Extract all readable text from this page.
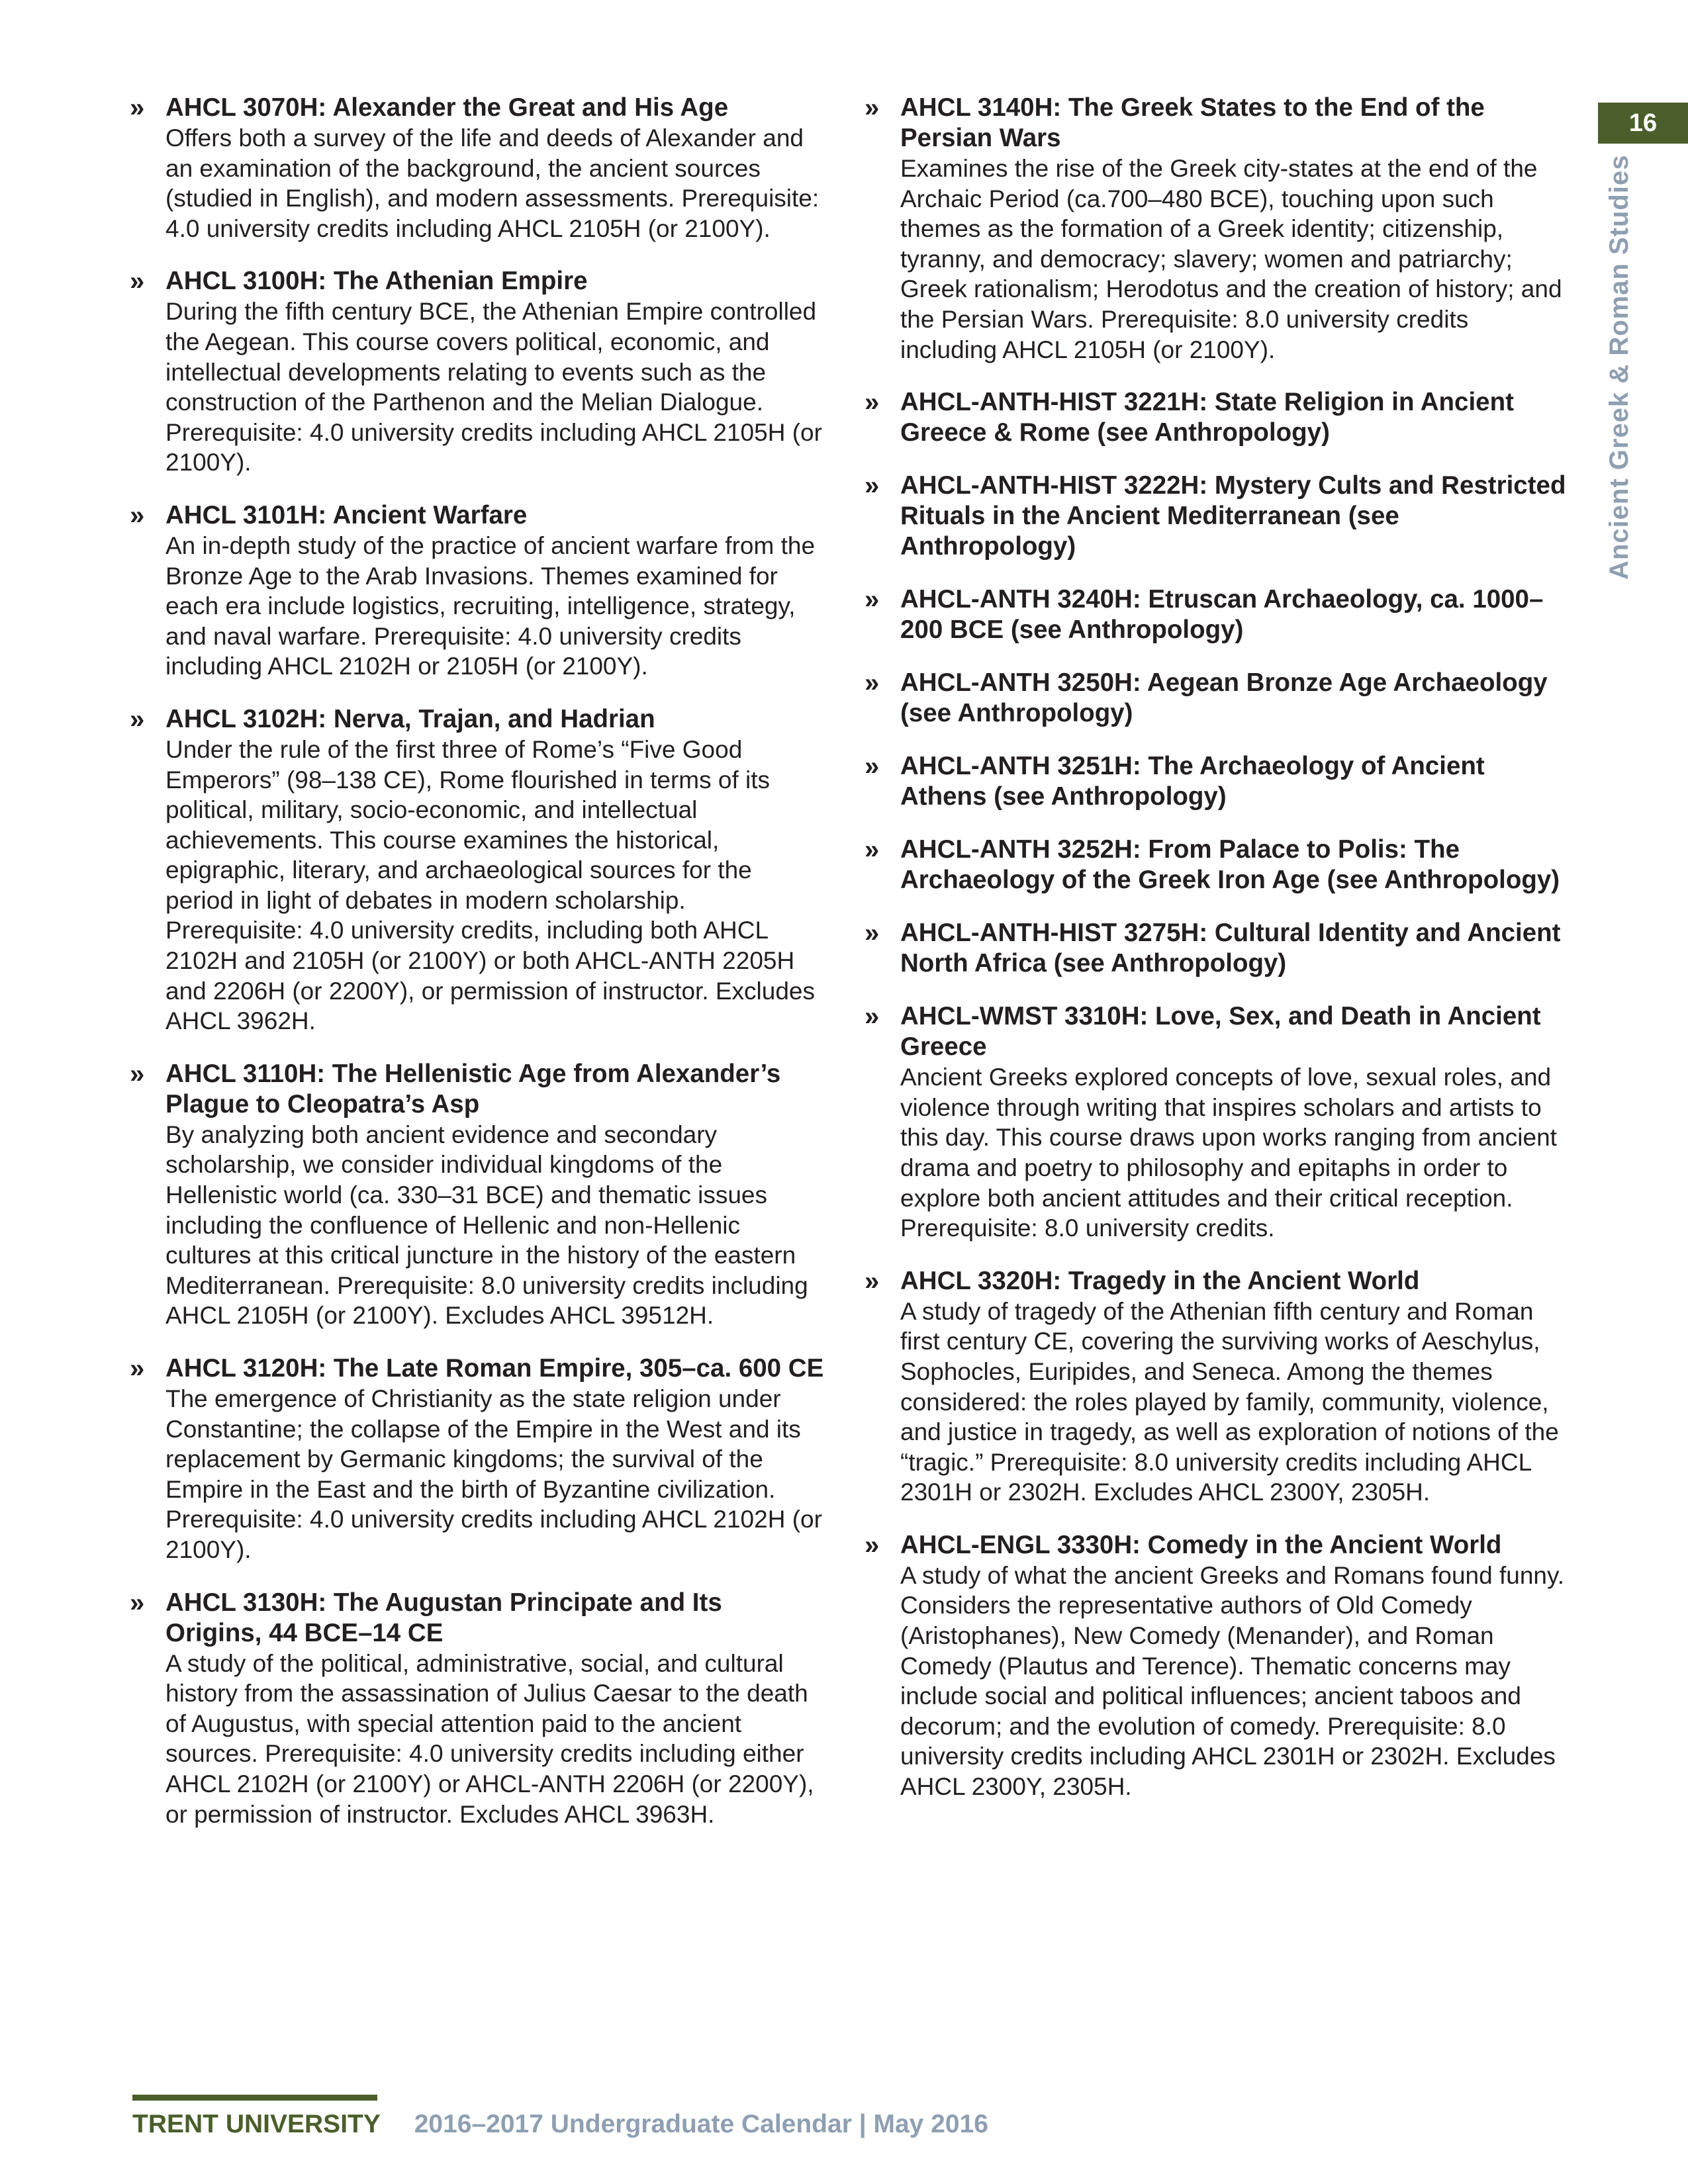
» AHCL 3070H: Alexander the Great and His Age
Offers both a survey of the life and deeds of Alexander and an examination of the background, the ancient sources (studied in English), and modern assessments. Prerequisite: 4.0 university credits including AHCL 2105H (or 2100Y).
» AHCL 3100H: The Athenian Empire
During the fifth century BCE, the Athenian Empire controlled the Aegean. This course covers political, economic, and intellectual developments relating to events such as the construction of the Parthenon and the Melian Dialogue. Prerequisite: 4.0 university credits including AHCL 2105H (or 2100Y).
» AHCL 3101H: Ancient Warfare
An in-depth study of the practice of ancient warfare from the Bronze Age to the Arab Invasions. Themes examined for each era include logistics, recruiting, intelligence, strategy, and naval warfare. Prerequisite: 4.0 university credits including AHCL 2102H or 2105H (or 2100Y).
» AHCL 3102H: Nerva, Trajan, and Hadrian
Under the rule of the first three of Rome’s “Five Good Emperors” (98–138 CE), Rome flourished in terms of its political, military, socio-economic, and intellectual achievements. This course examines the historical, epigraphic, literary, and archaeological sources for the period in light of debates in modern scholarship. Prerequisite: 4.0 university credits, including both AHCL 2102H and 2105H (or 2100Y) or both AHCL-ANTH 2205H and 2206H (or 2200Y), or permission of instructor. Excludes AHCL 3962H.
» AHCL 3110H: The Hellenistic Age from Alexander’s Plague to Cleopatra’s Asp
By analyzing both ancient evidence and secondary scholarship, we consider individual kingdoms of the Hellenistic world (ca. 330–31 BCE) and thematic issues including the confluence of Hellenic and non-Hellenic cultures at this critical juncture in the history of the eastern Mediterranean. Prerequisite: 8.0 university credits including AHCL 2105H (or 2100Y). Excludes AHCL 39512H.
» AHCL 3120H: The Late Roman Empire, 305–ca. 600 CE
The emergence of Christianity as the state religion under Constantine; the collapse of the Empire in the West and its replacement by Germanic kingdoms; the survival of the Empire in the East and the birth of Byzantine civilization. Prerequisite: 4.0 university credits including AHCL 2102H (or 2100Y).
» AHCL 3130H: The Augustan Principate and Its Origins, 44 BCE–14 CE
A study of the political, administrative, social, and cultural history from the assassination of Julius Caesar to the death of Augustus, with special attention paid to the ancient sources. Prerequisite: 4.0 university credits including either AHCL 2102H (or 2100Y) or AHCL-ANTH 2206H (or 2200Y), or permission of instructor. Excludes AHCL 3963H.
» AHCL 3140H: The Greek States to the End of the Persian Wars
Examines the rise of the Greek city-states at the end of the Archaic Period (ca.700–480 BCE), touching upon such themes as the formation of a Greek identity; citizenship, tyranny, and democracy; slavery; women and patriarchy; Greek rationalism; Herodotus and the creation of history; and the Persian Wars. Prerequisite: 8.0 university credits including AHCL 2105H (or 2100Y).
» AHCL-ANTH-HIST 3221H: State Religion in Ancient Greece & Rome (see Anthropology)
» AHCL-ANTH-HIST 3222H: Mystery Cults and Restricted Rituals in the Ancient Mediterranean (see Anthropology)
» AHCL-ANTH 3240H: Etruscan Archaeology, ca. 1000–200 BCE (see Anthropology)
» AHCL-ANTH 3250H: Aegean Bronze Age Archaeology (see Anthropology)
» AHCL-ANTH 3251H: The Archaeology of Ancient Athens (see Anthropology)
» AHCL-ANTH 3252H: From Palace to Polis: The Archaeology of the Greek Iron Age (see Anthropology)
» AHCL-ANTH-HIST 3275H: Cultural Identity and Ancient North Africa (see Anthropology)
» AHCL-WMST 3310H: Love, Sex, and Death in Ancient Greece
Ancient Greeks explored concepts of love, sexual roles, and violence through writing that inspires scholars and artists to this day. This course draws upon works ranging from ancient drama and poetry to philosophy and epitaphs in order to explore both ancient attitudes and their critical reception. Prerequisite: 8.0 university credits.
» AHCL 3320H: Tragedy in the Ancient World
A study of tragedy of the Athenian fifth century and Roman first century CE, covering the surviving works of Aeschylus, Sophocles, Euripides, and Seneca. Among the themes considered: the roles played by family, community, violence, and justice in tragedy, as well as exploration of notions of the “tragic.” Prerequisite: 8.0 university credits including AHCL 2301H or 2302H. Excludes AHCL 2300Y, 2305H.
» AHCL-ENGL 3330H: Comedy in the Ancient World
A study of what the ancient Greeks and Romans found funny. Considers the representative authors of Old Comedy (Aristophanes), New Comedy (Menander), and Roman Comedy (Plautus and Terence). Thematic concerns may include social and political influences; ancient taboos and decorum; and the evolution of comedy. Prerequisite: 8.0 university credits including AHCL 2301H or 2302H. Excludes AHCL 2300Y, 2305H.
16
Ancient Greek & Roman Studies
TRENT UNIVERSITY 2016–2017 Undergraduate Calendar | May 2016
